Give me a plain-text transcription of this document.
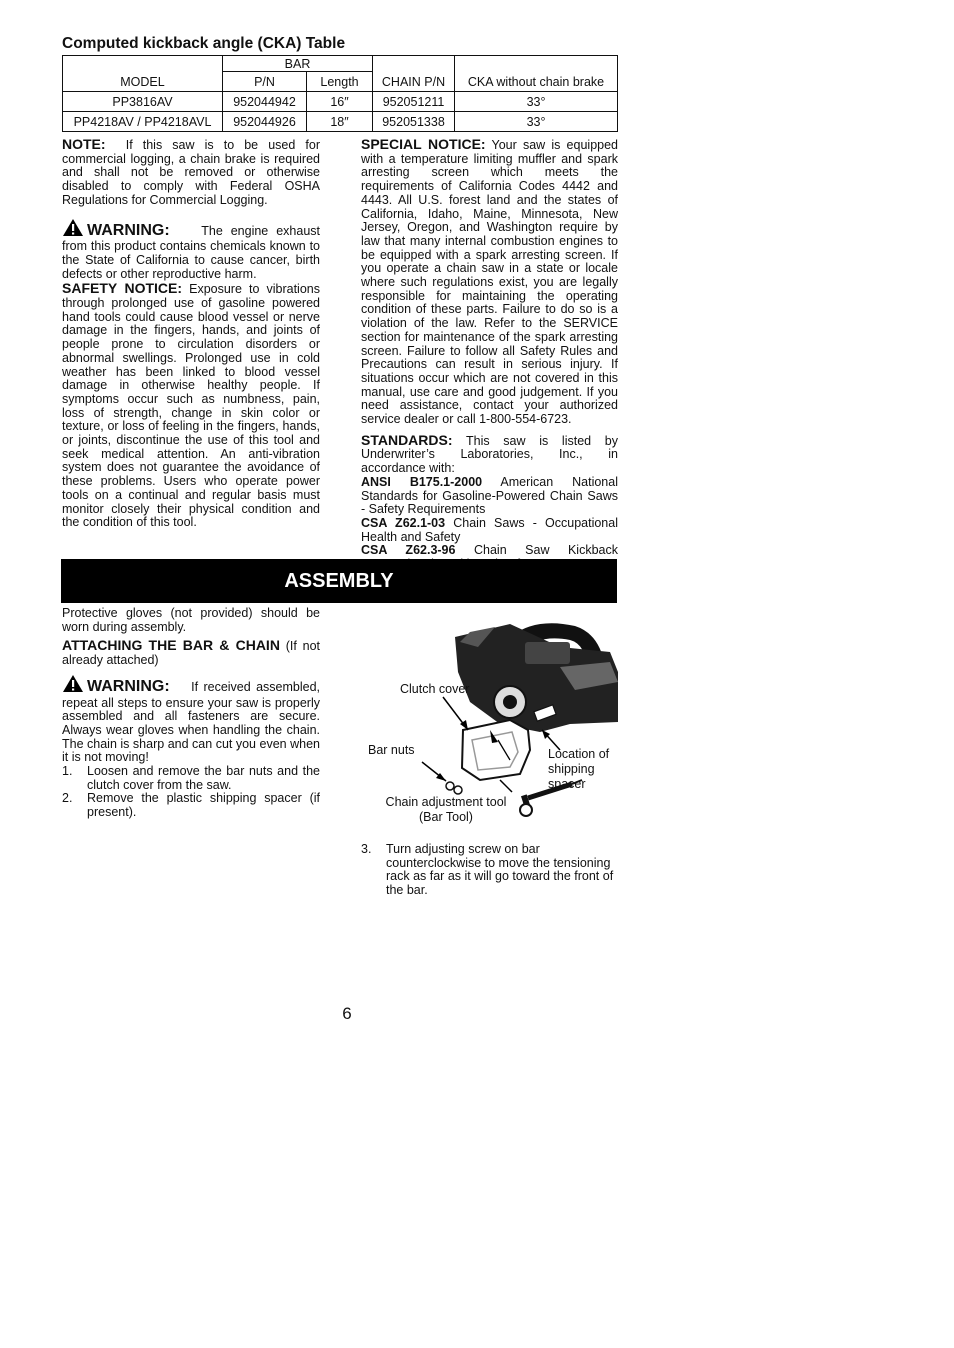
Computed kickback angle (CKA) Table
MODEL	BAR		CHAIN P/N	CKA without chain brake
	P/N	Length		
PP3816AV	952044942	16″	952051211	33°
PP4218AV / PP4218AVL	952044926	18″	952051338	33°

NOTE: If this saw is to be used for commercial logging, a chain brake is required and shall not be removed or otherwise disabled to comply with Federal OSHA Regulations for Commercial Logging.

WARNING:	The engine exhaust from this product contains chemicals known to the State of California to cause cancer, birth defects or other reproductive harm.

SAFETY NOTICE: Exposure to vibrations through prolonged use of gasoline powered hand tools could cause blood vessel or nerve damage in the fingers, hands, and joints of people prone to circulation disorders or abnormal swellings. Prolonged use in cold weather has been linked to blood vessel damage in otherwise healthy people. If symptoms occur such as numbness, pain, loss of strength, change in skin color or texture, or loss of feeling in the fingers, hands, or joints, discontinue the use of this tool and seek medical attention. An anti-vibration system does not guarantee the avoidance of these problems. Users who operate power tools on a continual and regular basis must monitor closely their physical condition and the condition of this tool.

SPECIAL NOTICE: Your saw is equipped with a temperature limiting muffler and spark arresting screen which meets the requirements of California Codes 4442 and 4443. All U.S. forest land and the states of California, Idaho, Maine, Minnesota, New Jersey, Oregon, and Washington require by law that many internal combustion engines to be equipped with a spark arresting screen. If you operate a chain saw in a state or locale where such regulations exist, you are legally responsible for maintaining the operating condition of these parts. Failure to do so is a violation of the law. Refer to the SERVICE section for maintenance of the spark arresting screen. Failure to follow all Safety Rules and Precautions can result in serious injury. If situations occur which are not covered in this manual, use care and good judgement. If you need assistance, contact your authorized service dealer or call 1-800-554-6723.

STANDARDS: This saw is listed by Underwriter’s Laboratories, Inc., in accordance with:

ANSI B175.1-2000 American National Standards for Gasoline-Powered Chain Saws - Safety Requirements

CSA Z62.1-03 Chain Saws - Occupational Health and Safety

CSA Z62.3-96 Chain Saw Kickback

ASSEMBLY

Protective gloves (not provided) should be worn during assembly.

ATTACHING THE BAR & CHAIN (If not already attached)

WARNING: If received assembled, repeat all steps to ensure your saw is properly assembled and all fasteners are secure. Always wear gloves when handling the chain. The chain is sharp and can cut you even when it is not moving!

1. Loosen and remove the bar nuts and the clutch cover from the saw.
2. Remove the plastic shipping spacer (if present).
Clutch cover
Bar nuts	Location of
shipping
spacer
Chain adjustment tool
(Bar Tool)
3. Turn adjusting screw on bar counterclockwise to move the tensioning rack as far as it will go toward the front of the bar.
6
